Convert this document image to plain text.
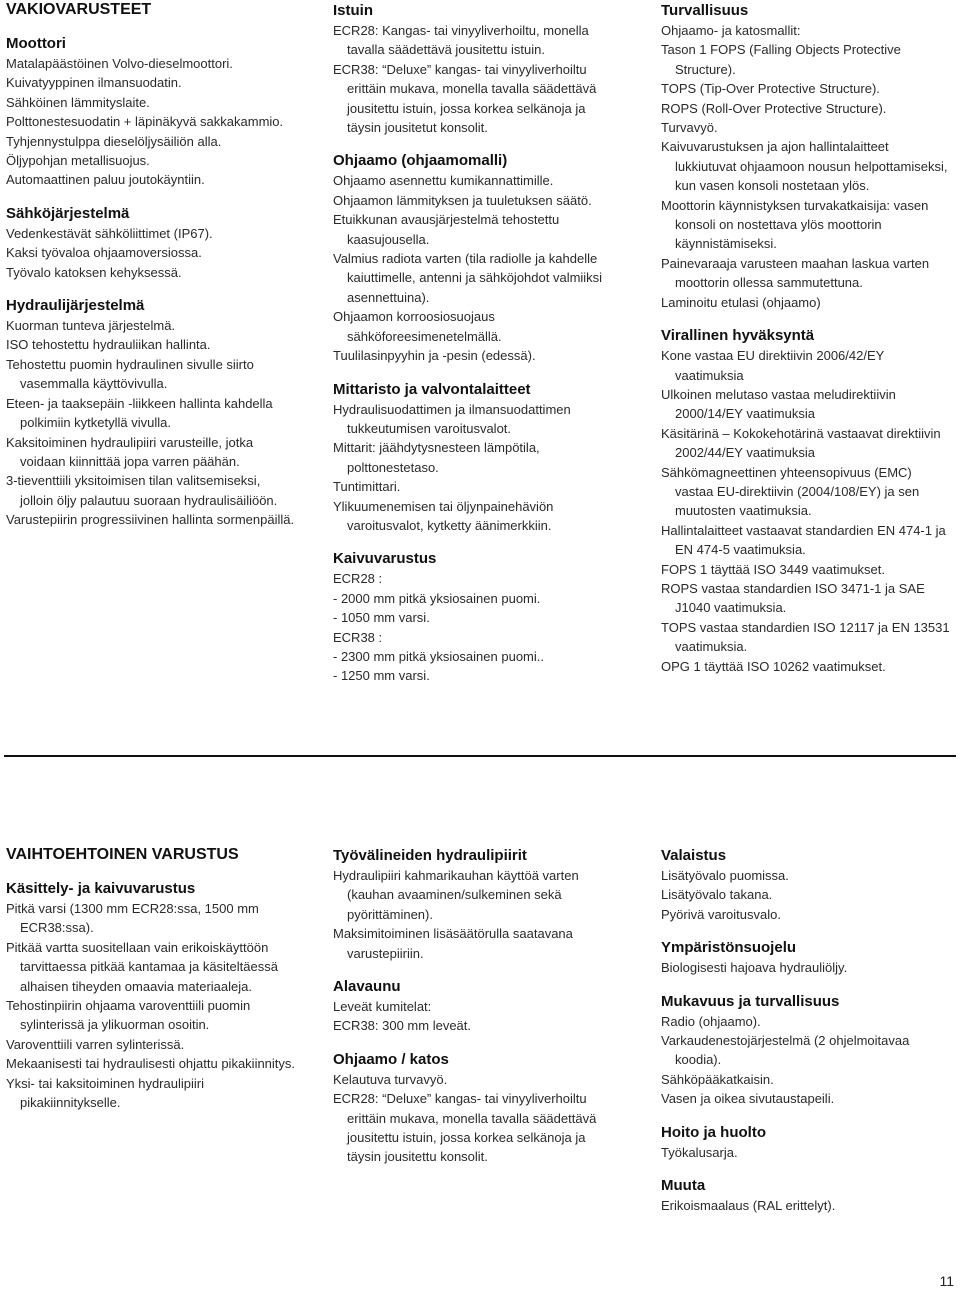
VAKIOVARUSTEET
Moottori
Matalapäästöinen Volvo-dieselmoottori.
Kuivatyyppinen ilmansuodatin.
Sähköinen lämmityslaite.
Polttonestesuodatin + läpinäkyvä sakkakammio.
Tyhjennystulppa dieselöljysäiliön alla.
Öljypohjan metallisuojus.
Automaattinen paluu joutokäyntiin.
Sähköjärjestelmä
Vedenkestävät sähköliittimet (IP67).
Kaksi työvaloa ohjaamoversiossa.
Työvalo katoksen kehyksessä.
Hydraulijärjestelmä
Kuorman tunteva järjestelmä.
ISO tehostettu hydrauliikan hallinta.
Tehostettu puomin hydraulinen sivulle siirto vasemmalla käyttövivulla.
Eteen- ja taaksepäin -liikkeen hallinta kahdella polkimiin kytketyllä vivulla.
Kaksitoiminen hydraulipiiri varusteille, jotka voidaan kiinnittää jopa varren päähän.
3-tieventtiili yksitoimisen tilan valitsemiseksi, jolloin öljy palautuu suoraan hydraulisäiliöön.
Varustepiirin progressiivinen hallinta sormenpäillä.
Istuin
ECR28: Kangas- tai vinyyliverhoiltu, monella tavalla säädettävä jousitettu istuin.
ECR38: “Deluxe” kangas- tai vinyyliverhoiltu erittäin mukava, monella tavalla säädettävä jousitettu istuin, jossa korkea selkänoja ja täysin jousitetut konsolit.
Ohjaamo (ohjaamomalli)
Ohjaamo asennettu kumikannattimille.
Ohjaamon lämmityksen ja tuuletuksen säätö.
Etuikkunan avausjärjestelmä tehostettu kaasujousella.
Valmius radiota varten (tila radiolle ja kahdelle kaiuttimelle, antenni ja sähköjohdot valmiiksi asennettuina).
Ohjaamon korroosiosuojaus sähköforeesimenetelmällä.
Tuulilasinpyyhin ja -pesin (edessä).
Mittaristo ja valvontalaitteet
Hydraulisuodattimen ja ilmansuodattimen tukkeutumisen varoitusvalot.
Mittarit: jäähdytysnesteen lämpötila, polttonestetaso.
Tuntimittari.
Ylikuumenemisen tai öljynpainehäviön varoitusvalot, kytketty äänimerkkiin.
Kaivuvarustus
ECR28 :
- 2000 mm pitkä yksiosainen puomi.
- 1050 mm varsi.
ECR38 :
- 2300 mm pitkä yksiosainen puomi..
- 1250 mm varsi.
Turvallisuus
Ohjaamo- ja katosmallit:
Tason 1 FOPS (Falling Objects Protective Structure).
TOPS (Tip-Over Protective Structure).
ROPS (Roll-Over Protective Structure).
Turvavyö.
Kaivuvarustuksen ja ajon hallintalaitteet lukkiutuvat ohjaamoon nousun helpottamiseksi, kun vasen konsoli nostetaan ylös.
Moottorin käynnistyksen turvakatkaisija: vasen konsoli on nostettava ylös moottorin käynnistämiseksi.
Painevaraaja varusteen maahan laskua varten moottorin ollessa sammutettuna.
Laminoitu etulasi (ohjaamo)
Virallinen hyväksyntä
Kone vastaa EU direktiivin 2006/42/EY vaatimuksia
Ulkoinen melutaso vastaa meludirektiivin 2000/14/EY vaatimuksia
Käsitärinä – Kokokehotärinä vastaavat direktiivin 2002/44/EY vaatimuksia
Sähkömagneettinen yhteensopivuus (EMC) vastaa EU-direktiivin (2004/108/EY) ja sen muutosten vaatimuksia.
Hallintalaitteet vastaavat standardien EN 474-1 ja EN 474-5 vaatimuksia.
FOPS 1 täyttää ISO 3449 vaatimukset.
ROPS vastaa standardien ISO 3471-1 ja SAE J1040 vaatimuksia.
TOPS vastaa standardien ISO 12117 ja EN 13531 vaatimuksia.
OPG 1 täyttää ISO 10262 vaatimukset.
VAIHTOEHTOINEN VARUSTUS
Käsittely- ja kaivuvarustus
Pitkä varsi (1300 mm ECR28:ssa, 1500 mm ECR38:ssa).
Pitkää vartta suositellaan vain erikoiskäyttöön tarvittaessa pitkää kantamaa ja käsiteltäessä alhaisen tiheyden omaavia materiaaleja.
Tehostinpiirin ohjaama varoventtiili puomin sylinterissä ja ylikuorman osoitin.
Varoventtiili varren sylinterissä.
Mekaanisesti tai hydraulisesti ohjattu pikakiinnitys.
Yksi- tai kaksitoiminen hydraulipiiri pikakiinnitykselle.
Työvälineiden hydraulipiirit
Hydraulipiiri kahmarikauhan käyttöä varten (kauhan avaaminen/sulkeminen sekä pyörittäminen).
Maksimitoiminen lisäsäätörulla saatavana varustepiiriin.
Alavaunu
Leveät kumitelat:
ECR38: 300 mm leveät.
Ohjaamo / katos
Kelautuva turvavyö.
ECR28: “Deluxe” kangas- tai vinyyliverhoiltu erittäin mukava, monella tavalla säädettävä jousitettu istuin, jossa korkea selkänoja ja täysin jousitettu konsolit.
Valaistus
Lisätyövalo puomissa.
Lisätyövalo takana.
Pyörivä varoitusvalo.
Ympäristönsuojelu
Biologisesti hajoava hydrauliöljy.
Mukavuus ja turvallisuus
Radio (ohjaamo).
Varkaudenestojärjestelmä (2 ohjelmoitavaa koodia).
Sähköpääkatkaisin.
Vasen ja oikea sivutaustapeili.
Hoito ja huolto
Työkalusarja.
Muuta
Erikoismaalaus (RAL erittelyt).
11
